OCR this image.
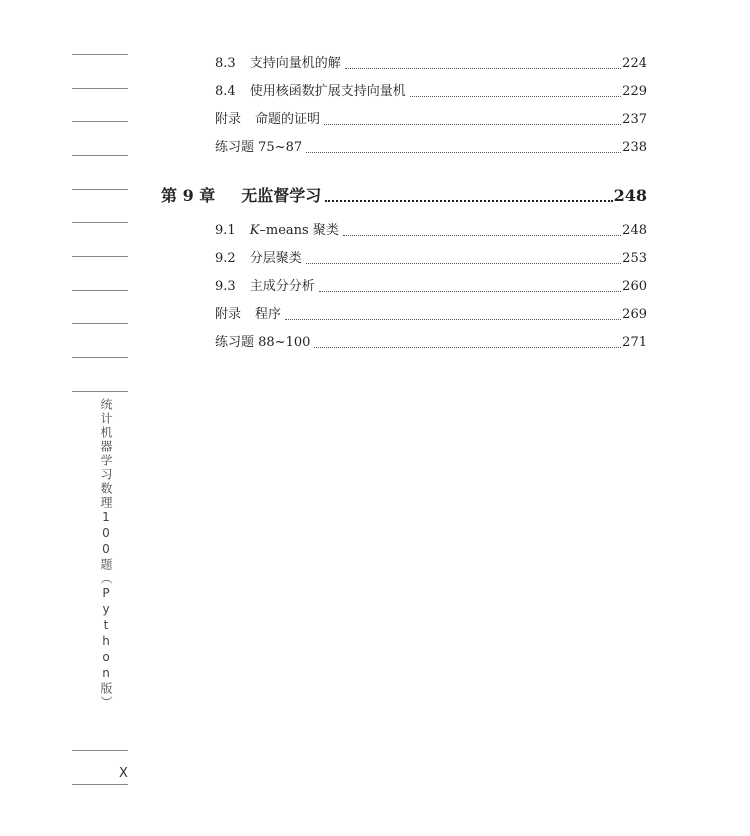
8.3 支持向量机的解	224
8.4 使用核函数扩展支持向量机	229
附录 命题的证明	237
练习题 75~87	238
第 9 章 无监督学习	248
9.1 K–means 聚类	248
9.2 分层聚类	253
9.3 主成分分析	260
附录 程序	269
练习题 88~100	271
统计机器学习数理100题（Python版）
X
